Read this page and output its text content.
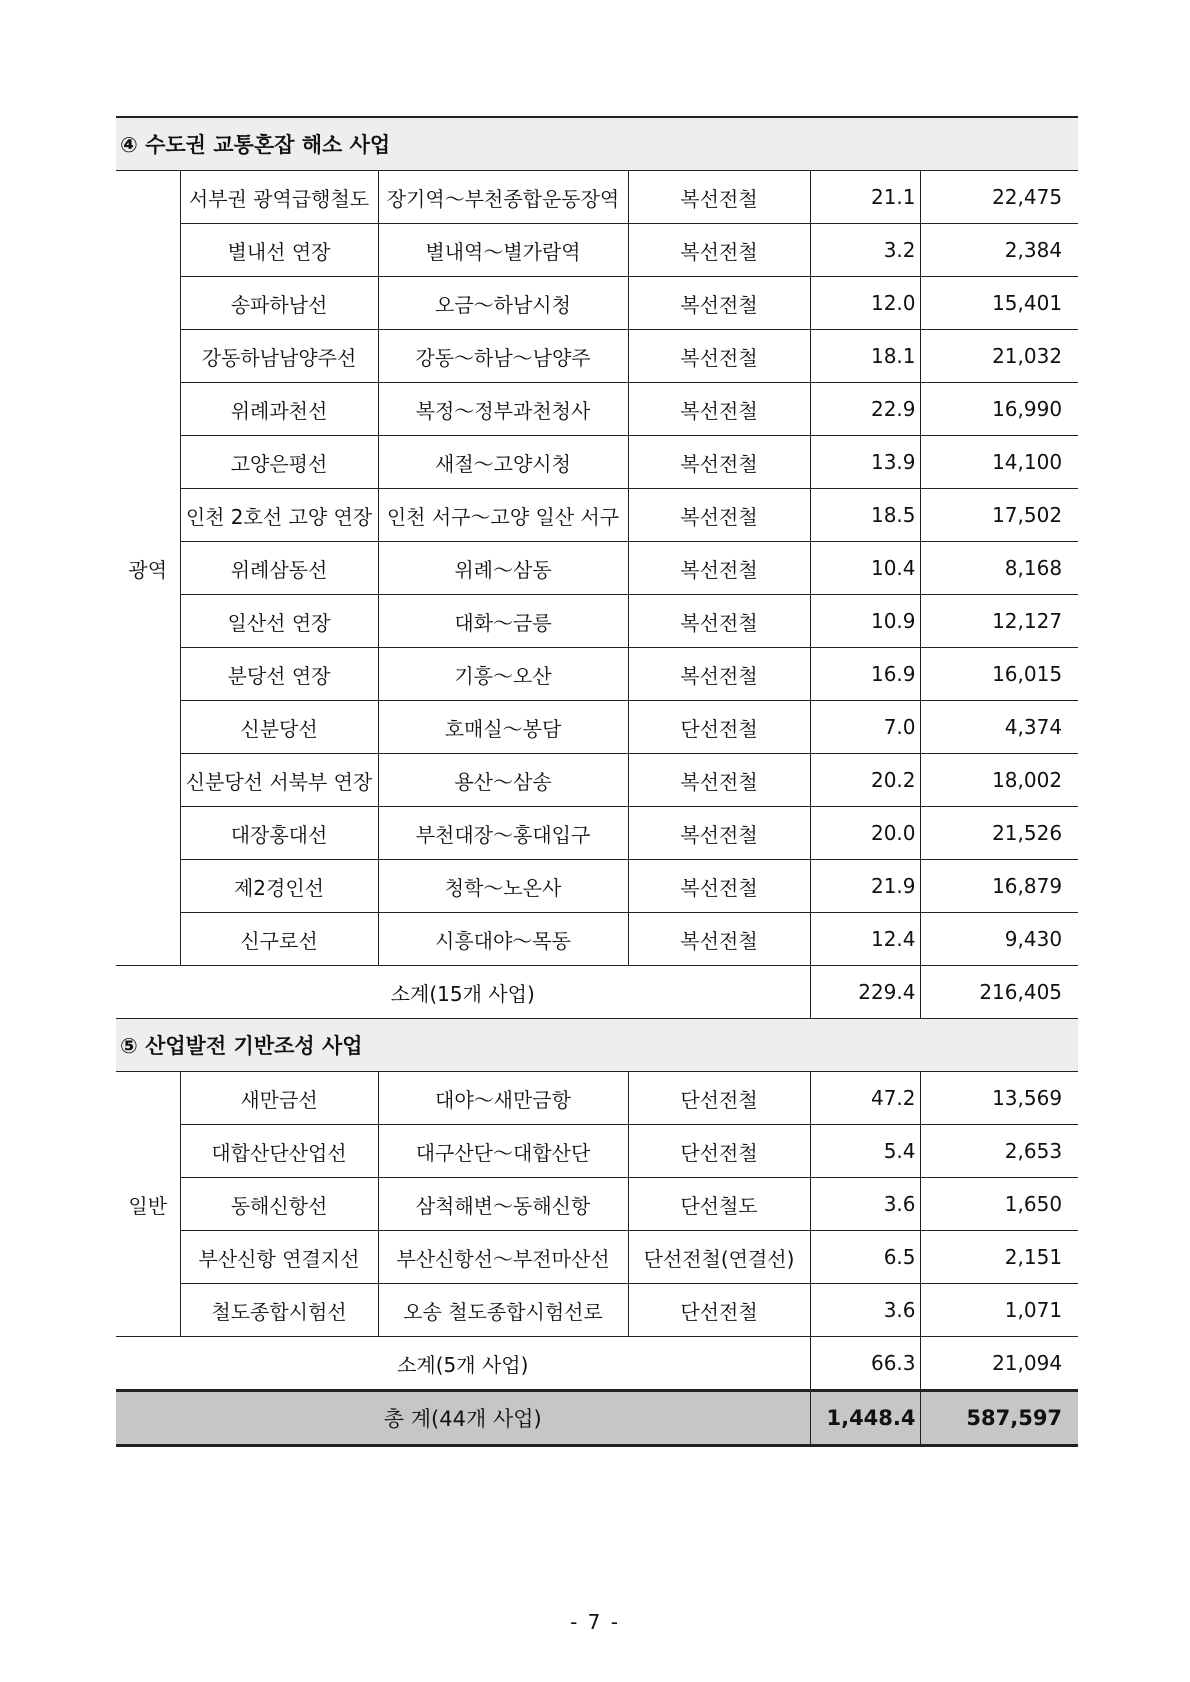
④ 수도권 교통혼잡 해소 사업					
광역	서부권 광역급행철도	장기역～부천종합운동장역	복선전철	21.1	22,475
	별내선 연장	별내역～별가람역	복선전철	3.2	2,384
	송파하남선	오금～하남시청	복선전철	12.0	15,401
	강동하남남양주선	강동～하남～남양주	복선전철	18.1	21,032
	위례과천선	복정～정부과천청사	복선전철	22.9	16,990
	고양은평선	새절～고양시청	복선전철	13.9	14,100
	인천 2호선 고양 연장	인천 서구～고양 일산 서구	복선전철	18.5	17,502
	위례삼동선	위례～삼동	복선전철	10.4	8,168
	일산선 연장	대화～금릉	복선전철	10.9	12,127
	분당선 연장	기흥～오산	복선전철	16.9	16,015
	신분당선	호매실～봉담	단선전철	7.0	4,374
	신분당선 서북부 연장	용산～삼송	복선전철	20.2	18,002
	대장홍대선	부천대장～홍대입구	복선전철	20.0	21,526
	제2경인선	청학～노온사	복선전철	21.9	16,879
	신구로선	시흥대야～목동	복선전철	12.4	9,430
소계(15개 사업)				229.4	216,405
⑤ 산업발전 기반조성 사업					
일반	새만금선	대야～새만금항	단선전철	47.2	13,569
	대합산단산업선	대구산단～대합산단	단선전철	5.4	2,653
	동해신항선	삼척해변～동해신항	단선철도	3.6	1,650
	부산신항 연결지선	부산신항선～부전마산선	단선전철(연결선)	6.5	2,151
	철도종합시험선	오송 철도종합시험선로	단선전철	3.6	1,071
소계(5개 사업)				66.3	21,094
총 계(44개 사업)				1,448.4	587,597
- 7 -
